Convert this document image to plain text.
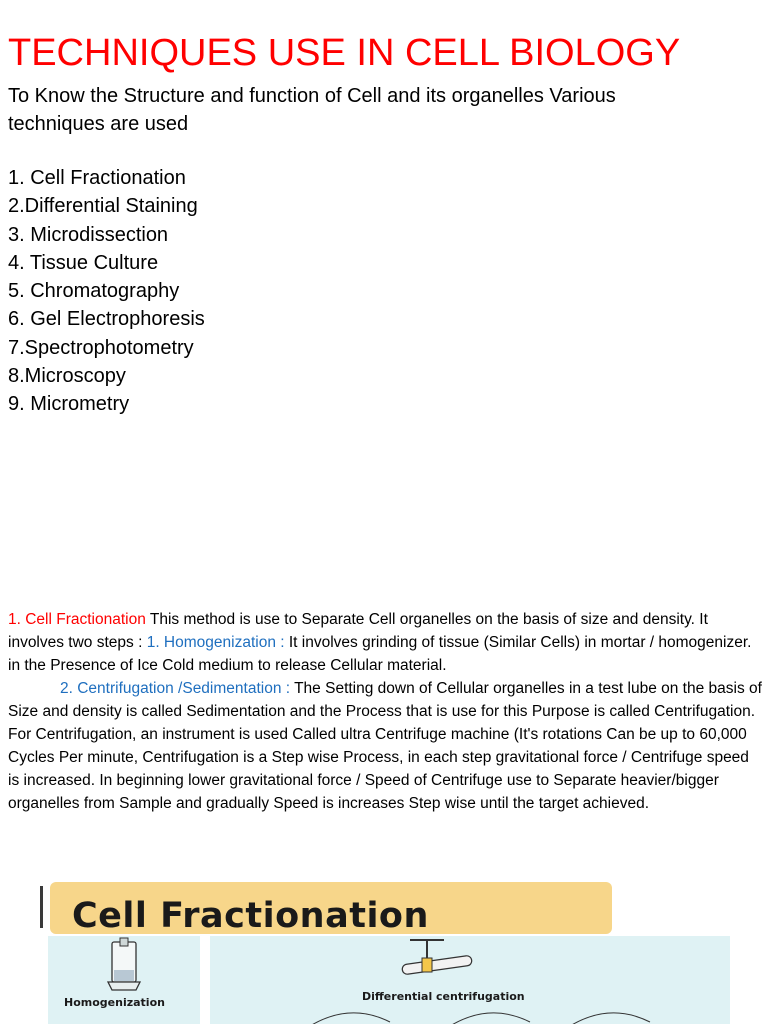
TECHNIQUES USE IN CELL BIOLOGY
To Know the Structure and function of Cell and its organelles Various techniques are used
1. Cell Fractionation
2.Differential Staining
3. Microdissection
4. Tissue Culture
5. Chromatography
6. Gel Electrophoresis
7.Spectrophotometry
8.Microscopy
9. Micrometry
1. Cell Fractionation This method is use to Separate Cell organelles on the basis of size and density. It involves two steps : 1. Homogenization : It involves grinding of tissue (Similar Cells) in mortar / homogenizer. in the Presence of Ice Cold medium to release Cellular material.
2. Centrifugation /Sedimentation : The Setting down of Cellular organelles in a test lube on the basis of Size and density is called Sedimentation and the Process that is use for this Purpose is called Centrifugation. For Centrifugation, an instrument is used Called ultra Centrifuge machine (It's rotations Can be up to 60,000 Cycles Per minute, Centrifugation is a Step wise Process, in each step gravitational force / Centrifuge speed is increased. In beginning lower gravitational force / Speed of Centrifuge use to Separate heavier/bigger organelles from Sample and gradually Speed is increases Step wise until the target achieved.
Cell Fractionation
Homogenization	Differential centrifugation
